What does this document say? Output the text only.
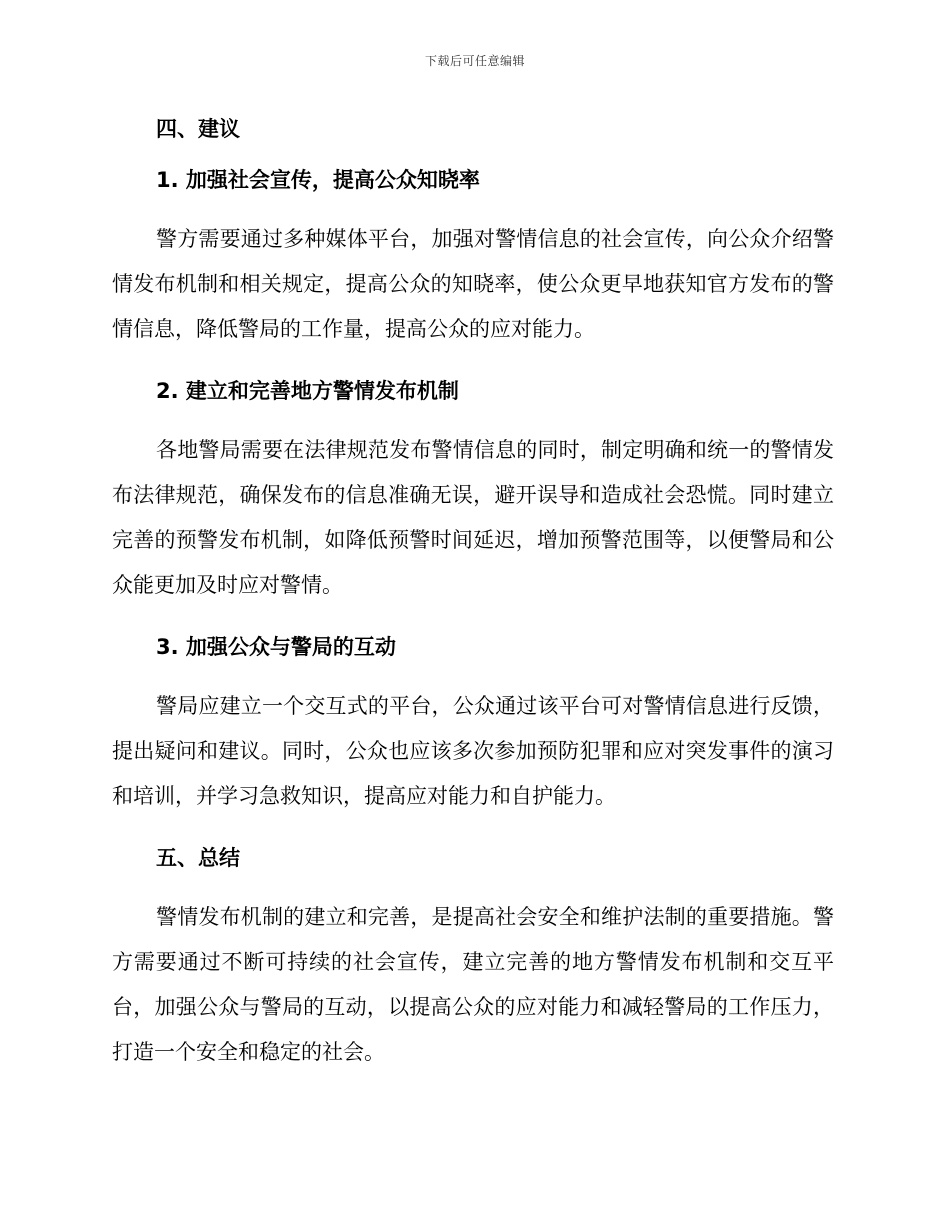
下载后可任意编辑
四、建议
1. 加强社会宣传，提高公众知晓率

警方需要通过多种媒体平台，加强对警情信息的社会宣传，向公众介绍警情发布机制和相关规定，提高公众的知晓率，使公众更早地获知官方发布的警情信息，降低警局的工作量，提高公众的应对能力。

2. 建立和完善地方警情发布机制

各地警局需要在法律规范发布警情信息的同时，制定明确和统一的警情发布法律规范，确保发布的信息准确无误，避开误导和造成社会恐慌。同时建立完善的预警发布机制，如降低预警时间延迟，增加预警范围等，以便警局和公众能更加及时应对警情。

3. 加强公众与警局的互动

警局应建立一个交互式的平台，公众通过该平台可对警情信息进行反馈，提出疑问和建议。同时，公众也应该多次参加预防犯罪和应对突发事件的演习和培训，并学习急救知识，提高应对能力和自护能力。

五、总结

警情发布机制的建立和完善，是提高社会安全和维护法制的重要措施。警方需要通过不断可持续的社会宣传，建立完善的地方警情发布机制和交互平台，加强公众与警局的互动，以提高公众的应对能力和减轻警局的工作压力，打造一个安全和稳定的社会。
